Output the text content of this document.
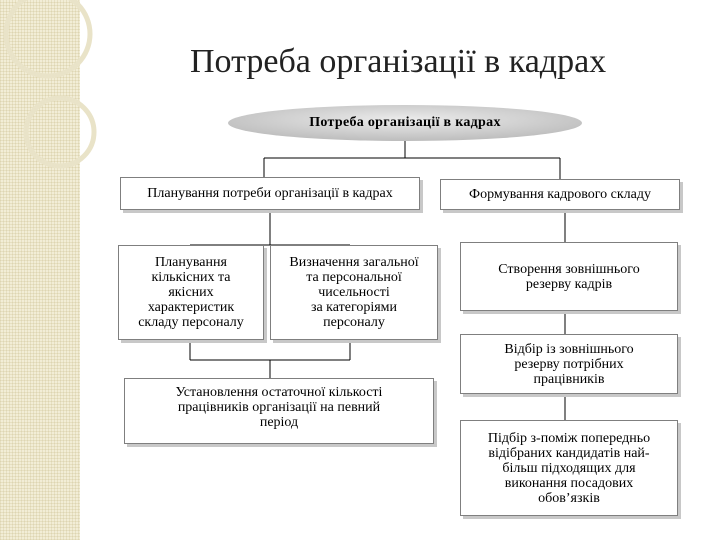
Потреба організації в кадрах
Потреба організації в кадрах
Планування потреби організації в кадрах	Формування кадрового складу
Планування
кількісних та
якісних
характеристик
складу персоналу
Визначення загальної
та персональної
чисельності
за категоріями
персоналу
Установлення остаточної кількості
працівників організації на певний
період
Створення зовнішнього
резерву кадрів
Відбір із зовнішнього
резерву потрібних
працівників
Підбір з-поміж попередньо
відібраних кандидатів най-
більш підходящих для
виконання посадових
обов’язків
